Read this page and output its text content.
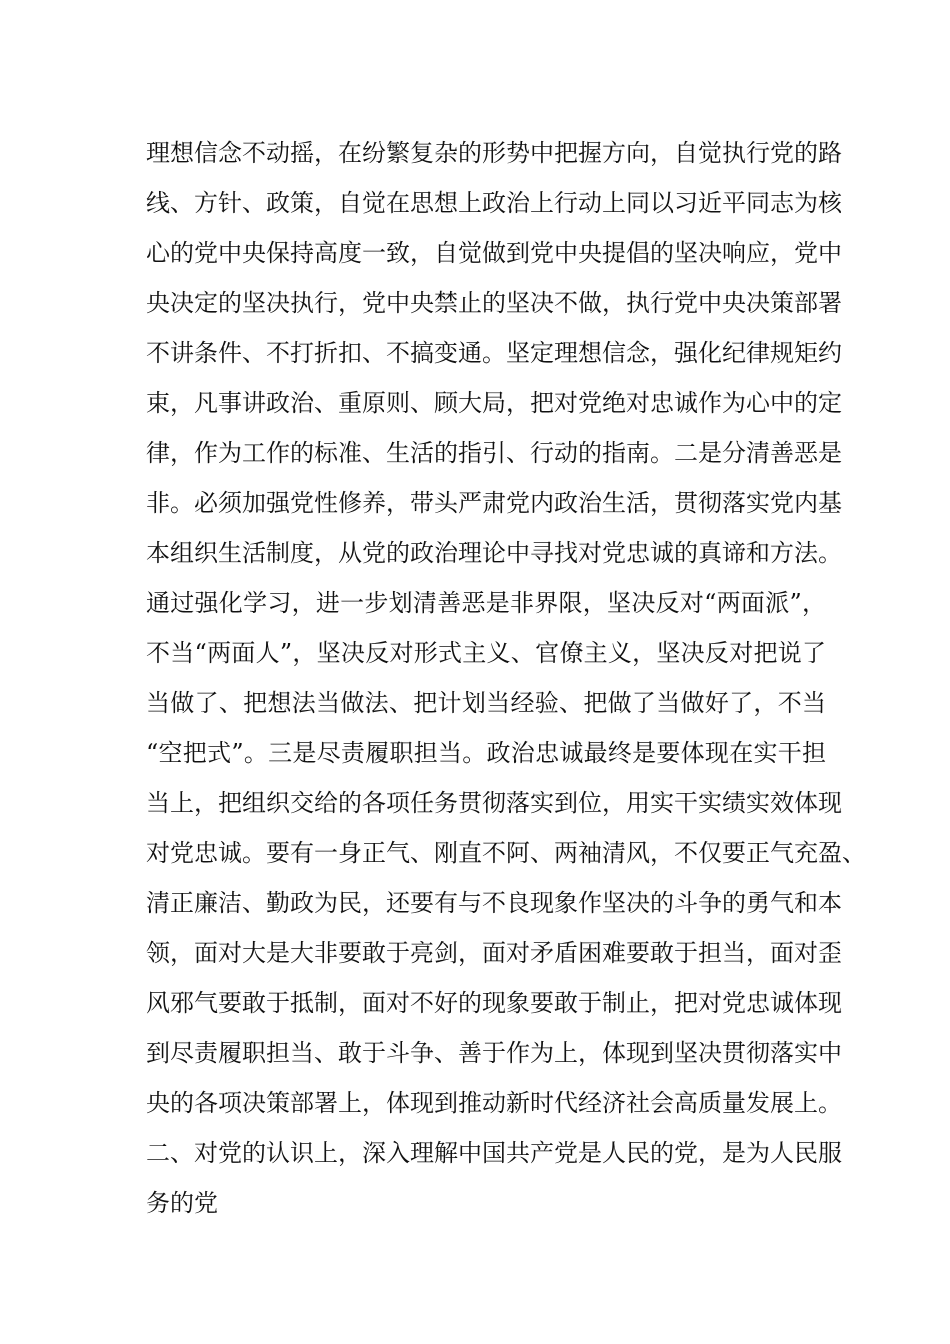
理想信念不动摇，在纷繁复杂的形势中把握方向，自觉执行党的路
线、方针、政策，自觉在思想上政治上行动上同以习近平同志为核
心的党中央保持高度一致，自觉做到党中央提倡的坚决响应，党中
央决定的坚决执行，党中央禁止的坚决不做，执行党中央决策部署
不讲条件、不打折扣、不搞变通。坚定理想信念，强化纪律规矩约
束，凡事讲政治、重原则、顾大局，把对党绝对忠诚作为心中的定
律，作为工作的标准、生活的指引、行动的指南。二是分清善恶是
非。必须加强党性修养，带头严肃党内政治生活，贯彻落实党内基
本组织生活制度，从党的政治理论中寻找对党忠诚的真谛和方法。
通过强化学习，进一步划清善恶是非界限，坚决反对“两面派”，
不当“两面人”，坚决反对形式主义、官僚主义，坚决反对把说了
当做了、把想法当做法、把计划当经验、把做了当做好了，不当
“空把式”。三是尽责履职担当。政治忠诚最终是要体现在实干担
当上，把组织交给的各项任务贯彻落实到位，用实干实绩实效体现
对党忠诚。要有一身正气、刚直不阿、两袖清风，不仅要正气充盈、
清正廉洁、勤政为民，还要有与不良现象作坚决的斗争的勇气和本
领，面对大是大非要敢于亮剑，面对矛盾困难要敢于担当，面对歪
风邪气要敢于抵制，面对不好的现象要敢于制止，把对党忠诚体现
到尽责履职担当、敢于斗争、善于作为上，体现到坚决贯彻落实中
央的各项决策部署上，体现到推动新时代经济社会高质量发展上。
二、对党的认识上，深入理解中国共产党是人民的党，是为人民服
务的党
